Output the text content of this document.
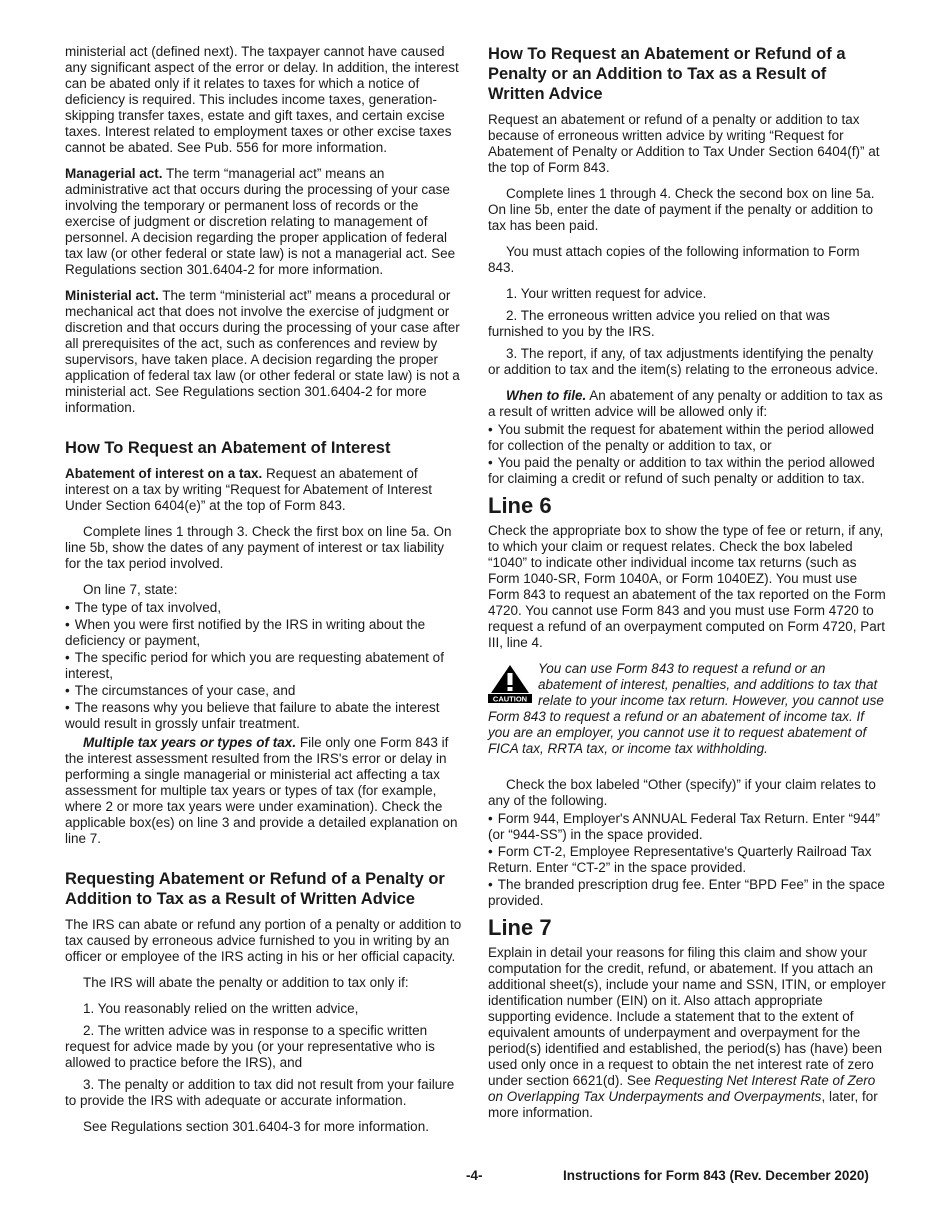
ministerial act (defined next). The taxpayer cannot have caused any significant aspect of the error or delay. In addition, the interest can be abated only if it relates to taxes for which a notice of deficiency is required. This includes income taxes, generation-skipping transfer taxes, estate and gift taxes, and certain excise taxes. Interest related to employment taxes or other excise taxes cannot be abated. See Pub. 556 for more information.

Managerial act. The term “managerial act” means an administrative act that occurs during the processing of your case involving the temporary or permanent loss of records or the exercise of judgment or discretion relating to management of personnel. A decision regarding the proper application of federal tax law (or other federal or state law) is not a managerial act. See Regulations section 301.6404-2 for more information.

Ministerial act. The term “ministerial act” means a procedural or mechanical act that does not involve the exercise of judgment or discretion and that occurs during the processing of your case after all prerequisites of the act, such as conferences and review by supervisors, have taken place. A decision regarding the proper application of federal tax law (or other federal or state law) is not a ministerial act. See Regulations section 301.6404-2 for more information.

How To Request an Abatement of Interest

Abatement of interest on a tax. Request an abatement of interest on a tax by writing “Request for Abatement of Interest Under Section 6404(e)” at the top of Form 843.

Complete lines 1 through 3. Check the first box on line 5a. On line 5b, show the dates of any payment of interest or tax liability for the tax period involved.

On line 7, state:

• The type of tax involved,
• When you were first notified by the IRS in writing about the deficiency or payment,
• The specific period for which you are requesting abatement of interest,
• The circumstances of your case, and
• The reasons why you believe that failure to abate the interest would result in grossly unfair treatment.

Multiple tax years or types of tax. File only one Form 843 if the interest assessment resulted from the IRS's error or delay in performing a single managerial or ministerial act affecting a tax assessment for multiple tax years or types of tax (for example, where 2 or more tax years were under examination). Check the applicable box(es) on line 3 and provide a detailed explanation on line 7.

Requesting Abatement or Refund of a Penalty or Addition to Tax as a Result of Written Advice

The IRS can abate or refund any portion of a penalty or addition to tax caused by erroneous advice furnished to you in writing by an officer or employee of the IRS acting in his or her official capacity.

The IRS will abate the penalty or addition to tax only if:

1. You reasonably relied on the written advice,
2. The written advice was in response to a specific written request for advice made by you (or your representative who is allowed to practice before the IRS), and
3. The penalty or addition to tax did not result from your failure to provide the IRS with adequate or accurate information.

See Regulations section 301.6404-3 for more information.

How To Request an Abatement or Refund of a Penalty or an Addition to Tax as a Result of Written Advice

Request an abatement or refund of a penalty or addition to tax because of erroneous written advice by writing “Request for Abatement of Penalty or Addition to Tax Under Section 6404(f)” at the top of Form 843.

Complete lines 1 through 4. Check the second box on line 5a. On line 5b, enter the date of payment if the penalty or addition to tax has been paid.

You must attach copies of the following information to Form 843.

1. Your written request for advice.
2. The erroneous written advice you relied on that was furnished to you by the IRS.
3. The report, if any, of tax adjustments identifying the penalty or addition to tax and the item(s) relating to the erroneous advice.

When to file. An abatement of any penalty or addition to tax as a result of written advice will be allowed only if:

• You submit the request for abatement within the period allowed for collection of the penalty or addition to tax, or
• You paid the penalty or addition to tax within the period allowed for claiming a credit or refund of such penalty or addition to tax.
Line 6

Check the appropriate box to show the type of fee or return, if any, to which your claim or request relates. Check the box labeled “1040” to indicate other individual income tax returns (such as Form 1040-SR, Form 1040A, or Form 1040EZ). You must use Form 843 to request an abatement of the tax reported on the Form 4720. You cannot use Form 843 and you must use Form 4720 to request a refund of an overpayment computed on Form 4720, Part III, line 4.

CAUTION
You can use Form 843 to request a refund or an abatement of interest, penalties, and additions to tax that relate to your income tax return. However, you cannot use Form 843 to request a refund or an abatement of income tax. If you are an employer, you cannot use it to request abatement of FICA tax, RRTA tax, or income tax withholding.

Check the box labeled “Other (specify)” if your claim relates to any of the following.

• Form 944, Employer's ANNUAL Federal Tax Return. Enter “944” (or “944-SS”) in the space provided.
• Form CT-2, Employee Representative's Quarterly Railroad Tax Return. Enter “CT-2” in the space provided.
• The branded prescription drug fee. Enter “BPD Fee” in the space provided.
Line 7

Explain in detail your reasons for filing this claim and show your computation for the credit, refund, or abatement. If you attach an additional sheet(s), include your name and SSN, ITIN, or employer identification number (EIN) on it. Also attach appropriate supporting evidence. Include a statement that to the extent of equivalent amounts of underpayment and overpayment for the period(s) identified and established, the period(s) has (have) been used only once in a request to obtain the net interest rate of zero under section 6621(d). See Requesting Net Interest Rate of Zero on Overlapping Tax Underpayments and Overpayments, later, for more information.

-4-	Instructions for Form 843 (Rev. December 2020)
